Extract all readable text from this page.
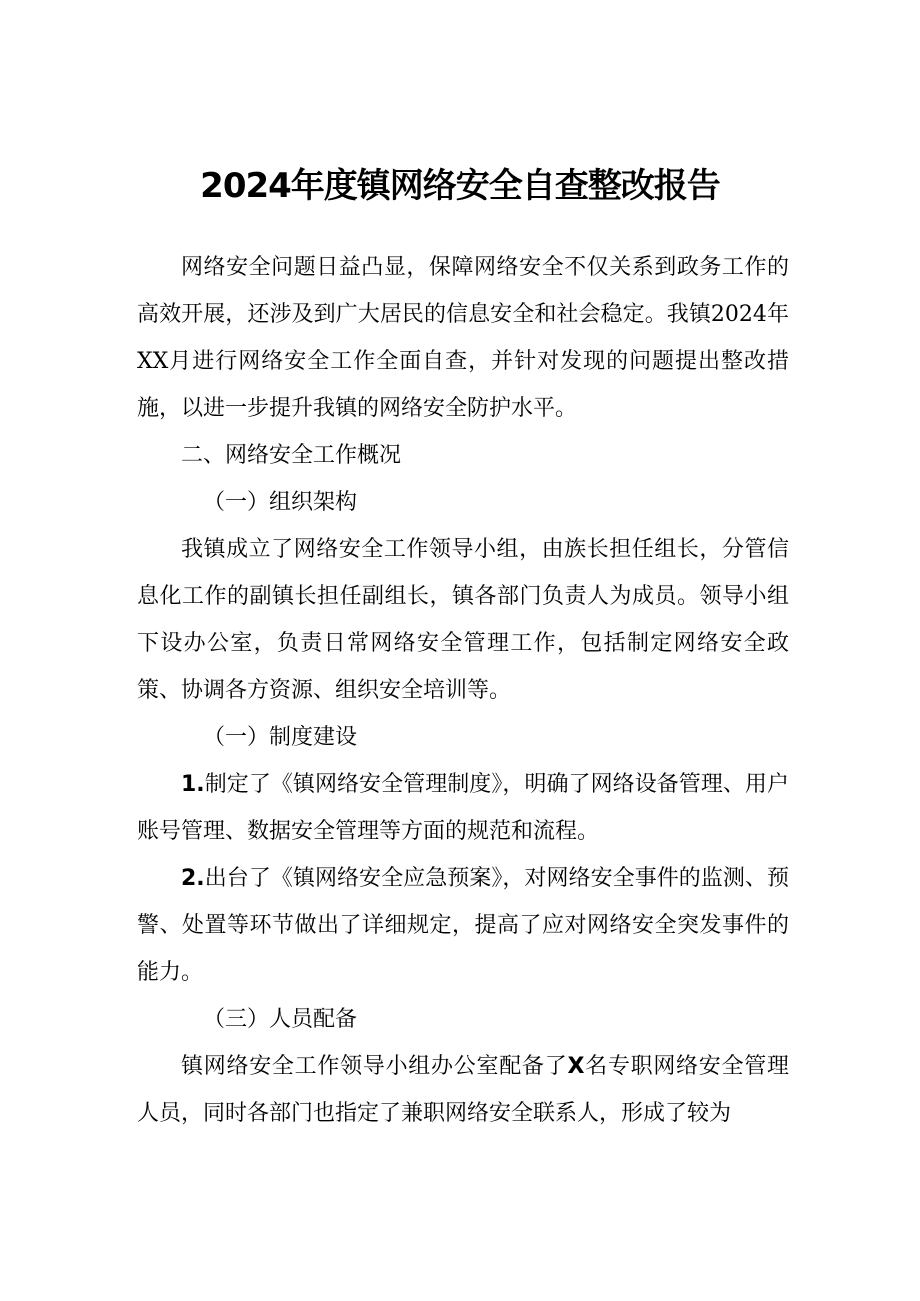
2024年度镇网络安全自查整改报告

网络安全问题日益凸显，保障网络安全不仅关系到政务工作的高效开展，还涉及到广大居民的信息安全和社会稳定。我镇2024年XX月进行网络安全工作全面自查，并针对发现的问题提出整改措施，以进一步提升我镇的网络安全防护水平。

二、网络安全工作概况

（一）组织架构

我镇成立了网络安全工作领导小组，由族长担任组长，分管信息化工作的副镇长担任副组长，镇各部门负责人为成员。领导小组下设办公室，负责日常网络安全管理工作，包括制定网络安全政策、协调各方资源、组织安全培训等。

（一）制度建设

1.制定了《镇网络安全管理制度》，明确了网络设备管理、用户账号管理、数据安全管理等方面的规范和流程。

2.出台了《镇网络安全应急预案》，对网络安全事件的监测、预警、处置等环节做出了详细规定，提高了应对网络安全突发事件的能力。

（三）人员配备

镇网络安全工作领导小组办公室配备了X名专职网络安全管理人员，同时各部门也指定了兼职网络安全联系人，形成了较为
